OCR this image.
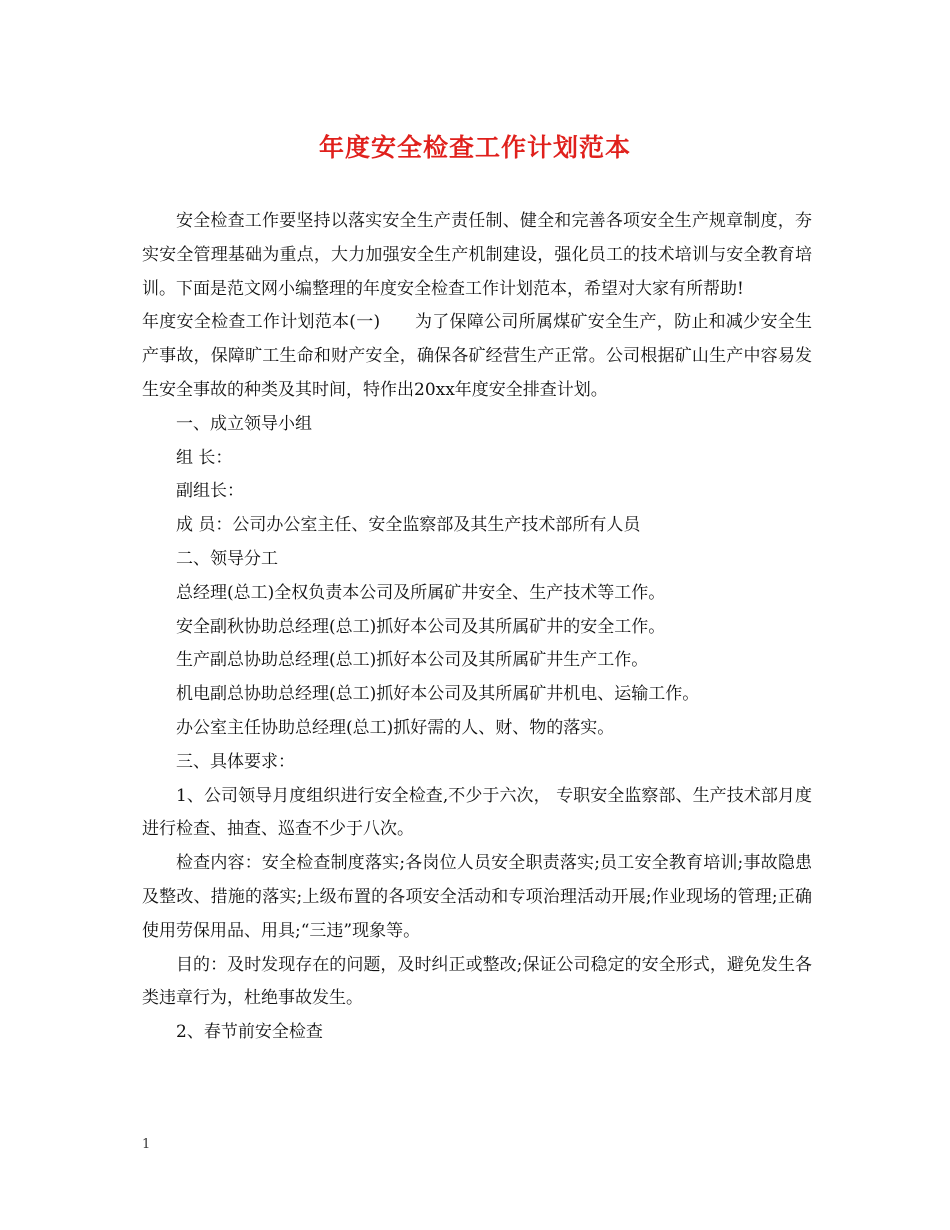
年度安全检查工作计划范本

安全检查工作要坚持以落实安全生产责任制、健全和完善各项安全生产规章制度，夯实安全管理基础为重点，大力加强安全生产机制建设，强化员工的技术培训与安全教育培训。下面是范文网小编整理的年度安全检查工作计划范本，希望对大家有所帮助!

年度安全检查工作计划范本(一)　　为了保障公司所属煤矿安全生产，防止和减少安全生产事故，保障旷工生命和财产安全，确保各矿经营生产正常。公司根据矿山生产中容易发生安全事故的种类及其时间，特作出20xx年度安全排查计划。

一、成立领导小组

组 长：

副组长：

成 员：公司办公室主任、安全监察部及其生产技术部所有人员

二、领导分工

总经理(总工)全权负责本公司及所属矿井安全、生产技术等工作。

安全副秋协助总经理(总工)抓好本公司及其所属矿井的安全工作。

生产副总协助总经理(总工)抓好本公司及其所属矿井生产工作。

机电副总协助总经理(总工)抓好本公司及其所属矿井机电、运输工作。

办公室主任协助总经理(总工)抓好需的人、财、物的落实。

三、具体要求：

1、公司领导月度组织进行安全检查,不少于六次， 专职安全监察部、生产技术部月度进行检查、抽查、巡查不少于八次。

检查内容：安全检查制度落实;各岗位人员安全职责落实;员工安全教育培训;事故隐患及整改、措施的落实;上级布置的各项安全活动和专项治理活动开展;作业现场的管理;正确使用劳保用品、用具;“三违”现象等。

目的：及时发现存在的问题，及时纠正或整改;保证公司稳定的安全形式，避免发生各类违章行为，杜绝事故发生。

2、春节前安全检查

1
